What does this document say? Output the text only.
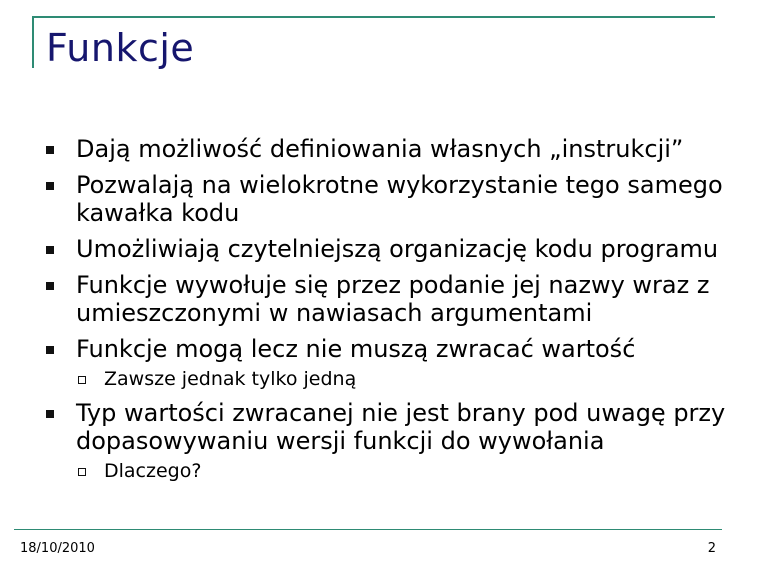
Funkcje
Dają możliwość definiowania własnych „instrukcji”
Pozwalają na wielokrotne wykorzystanie tego samego kawałka kodu
Umożliwiają czytelniejszą organizację kodu programu
Funkcje wywołuje się przez podanie jej nazwy wraz z umieszczonymi w nawiasach argumentami
Funkcje mogą lecz nie muszą zwracać wartość
Zawsze jednak tylko jedną
Typ wartości zwracanej nie jest brany pod uwagę przy dopasowywaniu wersji funkcji do wywołania
Dlaczego?
18/10/2010	2
